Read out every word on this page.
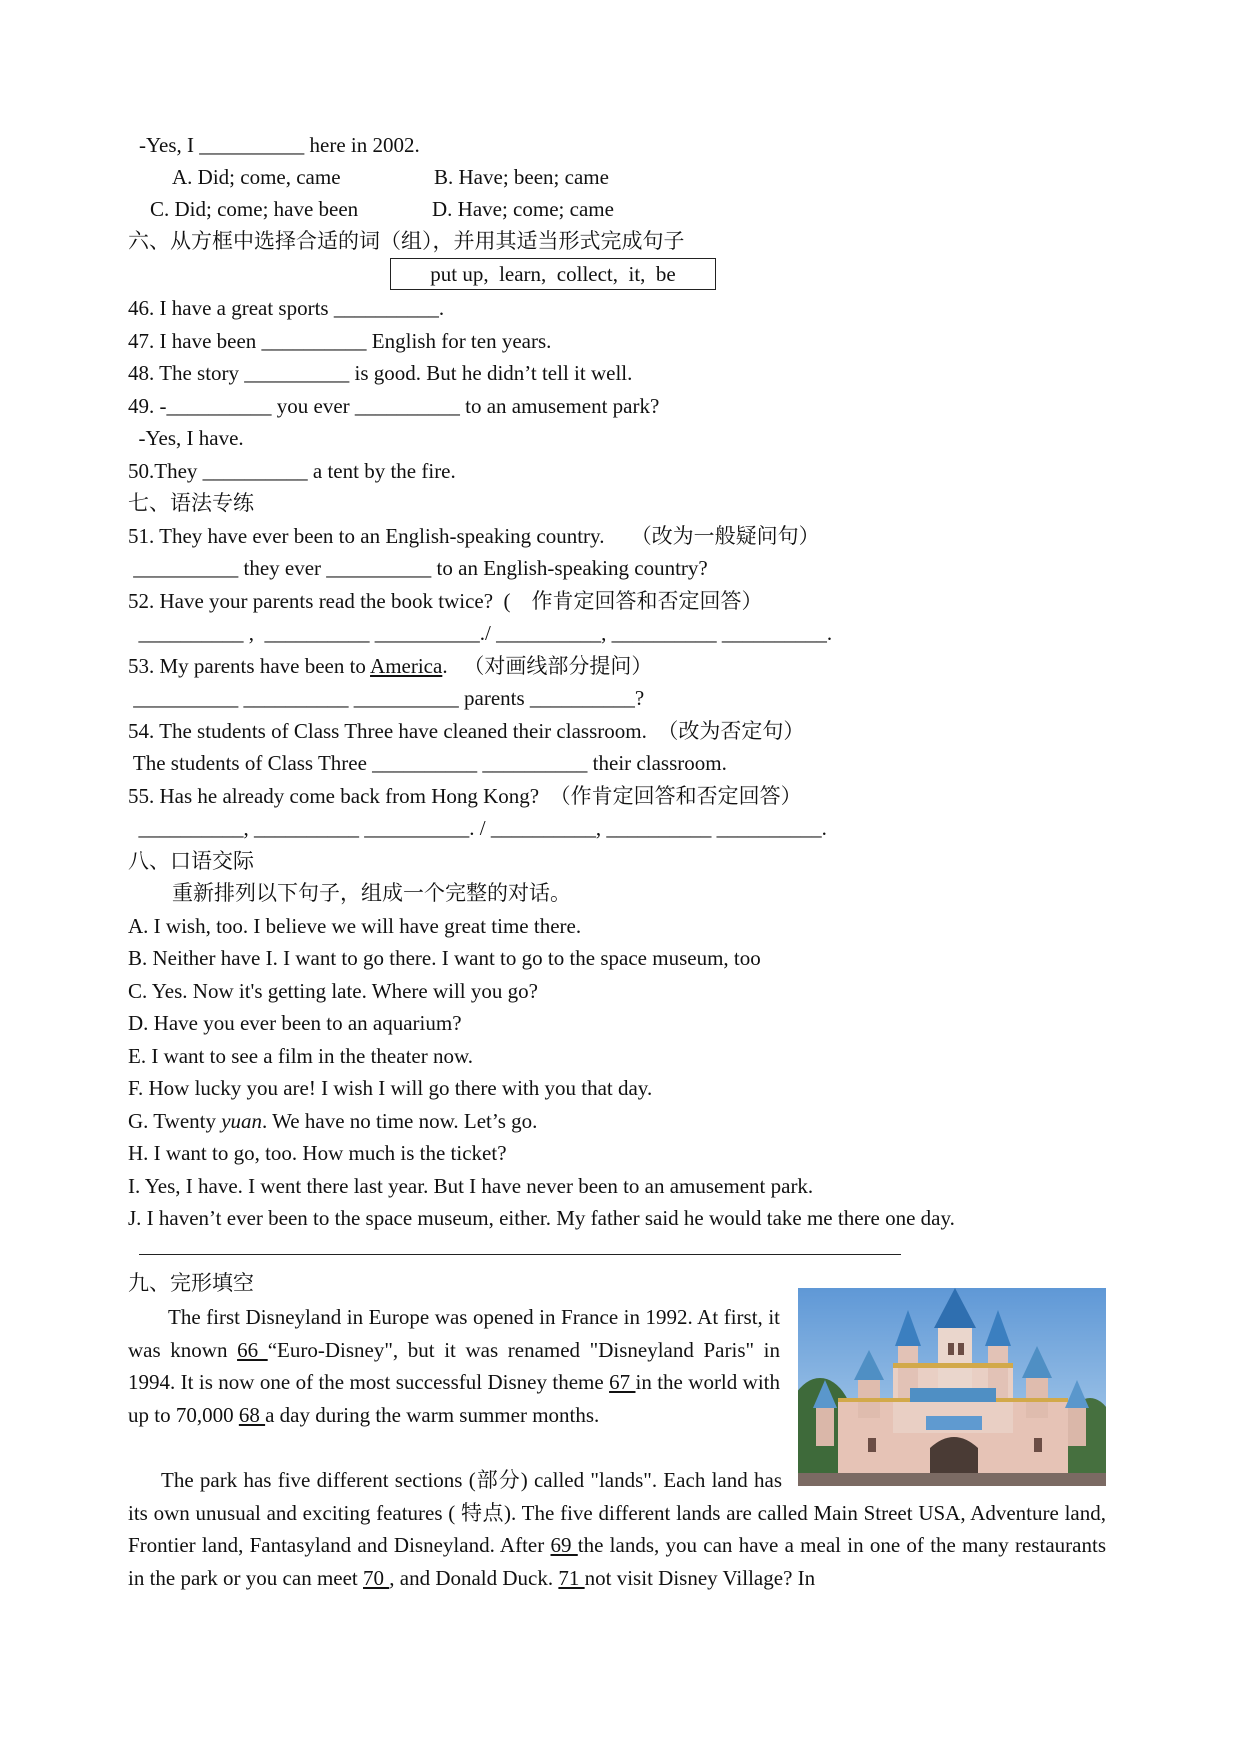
-Yes, I __________ here in 2002.
A. Did; come, came	B. Have; been; came
C. Did; come; have been	D. Have; come; came
六、从方框中选择合适的词（组），并用其适当形式完成句子
put up,  learn,  collect,  it,  be
46. I have a great sports __________.
47. I have been __________ English for ten years.
48. The story __________ is good. But he didn’t tell it well.
49. -__________ you ever __________ to an amusement park?
-Yes, I have.
50.They __________ a tent by the fire.
七、语法专练
51. They have ever been to an English-speaking country.     （改为一般疑问句）
__________ they ever __________ to an English-speaking country?
52. Have your parents read the book twice?  (    作肯定回答和否定回答）
__________ ,  __________ __________./ __________, __________ __________.
53. My parents have been to America.   （对画线部分提问）
__________ __________ __________ parents __________?
54. The students of Class Three have cleaned their classroom.  （改为否定句）
The students of Class Three __________ __________ their classroom.
55. Has he already come back from Hong Kong?  （作肯定回答和否定回答）
__________, __________ __________. / __________, __________ __________.
八、口语交际
重新排列以下句子，组成一个完整的对话。
A. I wish, too. I believe we will have great time there.
B. Neither have I. I want to go there. I want to go to the space museum, too
C. Yes. Now it's getting late. Where will you go?
D. Have you ever been to an aquarium?
E. I want to see a film in the theater now.
F. How lucky you are! I wish I will go there with you that day.
G. Twenty yuan. We have no time now. Let’s go.
H. I want to go, too. How much is the ticket?
I. Yes, I have. I went there last year. But I have never been to an amusement park.
J. I haven’t ever been to the space museum, either. My father said he would take me there one day.
九、完形填空
The first Disneyland in Europe was opened in France in 1992. At first, it was known 66 “Euro-Disney", but it was renamed "Disneyland Paris" in 1994. It is now one of the most successful Disney theme 67 in the world with up to 70,000 68 a day during the warm summer months.
The park has five different sections (部分) called "lands". Each land has its own unusual and exciting features ( 特点). The five different lands are called Main Street USA, Adventure land, Frontier land, Fantasyland and Disneyland. After 69 the lands, you can have a meal in one of the many restaurants in the park or you can meet 70 , and Donald Duck. 71 not visit Disney Village? In
